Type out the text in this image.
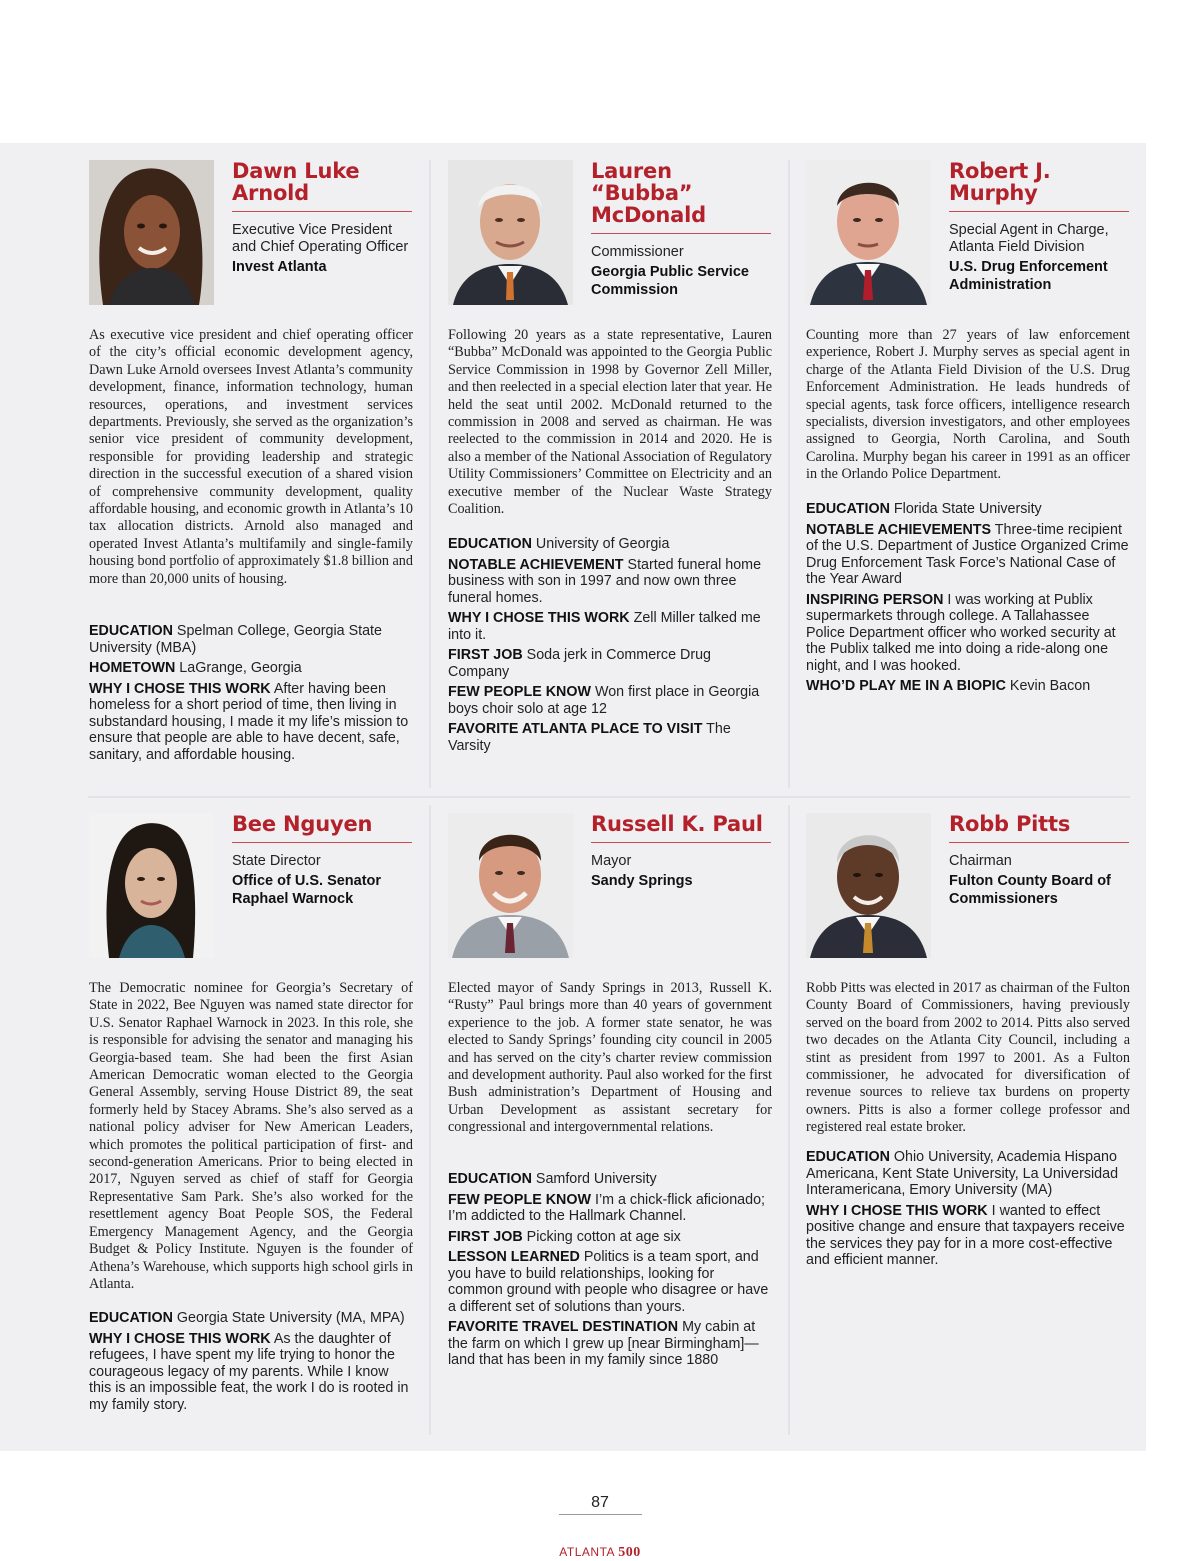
Dawn Luke Arnold
Executive Vice President and Chief Operating Officer
Invest Atlanta

As executive vice president and chief operating officer of the city’s official economic development agency, Dawn Luke Arnold oversees Invest Atlanta’s community development, finance, information technology, human resources, operations, and investment services departments. Previously, she served as the organization’s senior vice president of community development, responsible for providing leadership and strategic direction in the successful execution of a shared vision of comprehensive community development, quality affordable housing, and economic growth in Atlanta’s 10 tax allocation districts. Arnold also managed and operated Invest Atlanta’s multifamily and single-family housing bond portfolio of approximately $1.8 billion and more than 20,000 units of housing.

EDUCATION Spelman College, Georgia State University (MBA)

HOMETOWN LaGrange, Georgia

WHY I CHOSE THIS WORK After having been homeless for a short period of time, then living in substandard housing, I made it my life’s mission to ensure that people are able to have decent, safe, sanitary, and affordable housing.

Lauren “Bubba” McDonald
Commissioner
Georgia Public Service Commission

Following 20 years as a state representative, Lauren “Bubba” McDonald was appointed to the Georgia Public Service Commission in 1998 by Governor Zell Miller, and then reelected in a special election later that year. He held the seat until 2002. McDonald returned to the commission in 2008 and served as chairman. He was reelected to the commission in 2014 and 2020. He is also a member of the National Association of Regulatory Utility Commissioners’ Committee on Electricity and an executive member of the Nuclear Waste Strategy Coalition.

EDUCATION University of Georgia

NOTABLE ACHIEVEMENT Started funeral home business with son in 1997 and now own three funeral homes.

WHY I CHOSE THIS WORK Zell Miller talked me into it.

FIRST JOB Soda jerk in Commerce Drug Company

FEW PEOPLE KNOW Won first place in Georgia boys choir solo at age 12

FAVORITE ATLANTA PLACE TO VISIT The Varsity

Robert J. Murphy
Special Agent in Charge, Atlanta Field Division
U.S. Drug Enforcement Administration

Counting more than 27 years of law enforcement experience, Robert J. Murphy serves as special agent in charge of the Atlanta Field Division of the U.S. Drug Enforcement Administration. He leads hundreds of special agents, task force officers, intelligence research specialists, diversion investigators, and other employees assigned to Georgia, North Carolina, and South Carolina. Murphy began his career in 1991 as an officer in the Orlando Police Department.

EDUCATION Florida State University

NOTABLE ACHIEVEMENTS Three-time recipient of the U.S. Department of Justice Organized Crime Drug Enforcement Task Force’s National Case of the Year Award

INSPIRING PERSON I was working at Publix supermarkets through college. A Tallahassee Police Department officer who worked security at the Publix talked me into doing a ride-along one night, and I was hooked.

WHO’D PLAY ME IN A BIOPIC Kevin Bacon

Bee Nguyen
State Director
Office of U.S. Senator Raphael Warnock

The Democratic nominee for Georgia’s Secretary of State in 2022, Bee Nguyen was named state director for U.S. Senator Raphael Warnock in 2023. In this role, she is responsible for advising the senator and managing his Georgia-based team. She had been the first Asian American Democratic woman elected to the Georgia General Assembly, serving House District 89, the seat formerly held by Stacey Abrams. She’s also served as a national policy adviser for New American Leaders, which promotes the political participation of first- and second-generation Americans. Prior to being elected in 2017, Nguyen served as chief of staff for Georgia Representative Sam Park. She’s also worked for the resettlement agency Boat People SOS, the Federal Emergency Management Agency, and the Georgia Budget & Policy Institute. Nguyen is the founder of Athena’s Warehouse, which supports high school girls in Atlanta.

EDUCATION Georgia State University (MA, MPA)

WHY I CHOSE THIS WORK As the daughter of refugees, I have spent my life trying to honor the courageous legacy of my parents. While I know this is an impossible feat, the work I do is rooted in my family story.

Russell K. Paul
Mayor
Sandy Springs

Elected mayor of Sandy Springs in 2013, Russell K. “Rusty” Paul brings more than 40 years of government experience to the job. A former state senator, he was elected to Sandy Springs’ founding city council in 2005 and has served on the city’s charter review commission and development authority. Paul also worked for the first Bush administration’s Department of Housing and Urban Development as assistant secretary for congressional and intergovernmental relations.

EDUCATION Samford University

FEW PEOPLE KNOW I’m a chick-flick aficionado; I’m addicted to the Hallmark Channel.

FIRST JOB Picking cotton at age six

LESSON LEARNED Politics is a team sport, and you have to build relationships, looking for common ground with people who disagree or have a different set of solutions than yours.

FAVORITE TRAVEL DESTINATION My cabin at the farm on which I grew up [near Birmingham]—land that has been in my family since 1880

Robb Pitts
Chairman
Fulton County Board of Commissioners

Robb Pitts was elected in 2017 as chairman of the Fulton County Board of Commissioners, having previously served on the board from 2002 to 2014. Pitts also served two decades on the Atlanta City Council, including a stint as president from 1997 to 2001. As a Fulton commissioner, he advocated for diversification of revenue sources to relieve tax burdens on property owners. Pitts is also a former college professor and registered real estate broker.

EDUCATION Ohio University, Academia Hispano Americana, Kent State University, La Universidad Interamericana, Emory University (MA)

WHY I CHOSE THIS WORK I wanted to effect positive change and ensure that taxpayers receive the services they pay for in a more cost-effective and efficient manner.

87
ATLANTA 500
